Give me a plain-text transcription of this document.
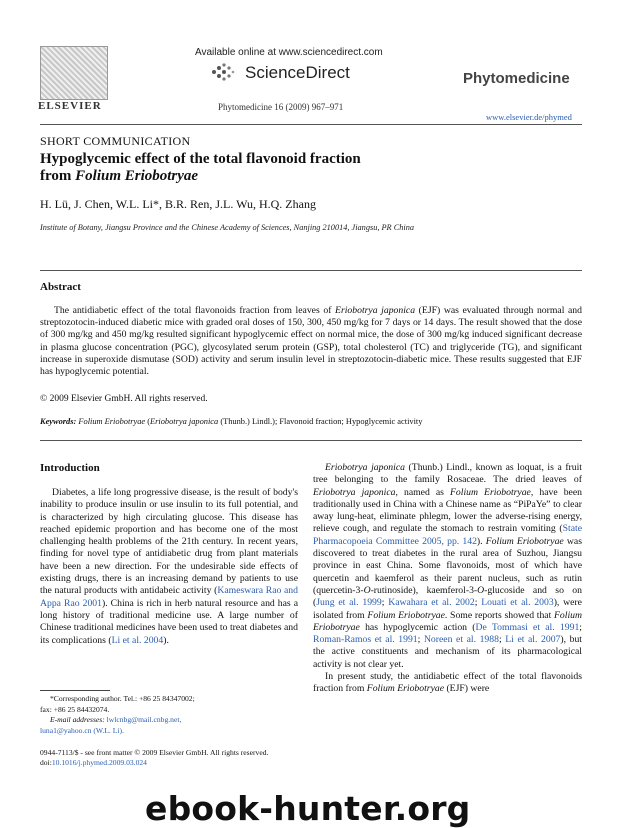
ELSEVIER
Available online at www.sciencedirect.com
ScienceDirect
Phytomedicine 16 (2009) 967–971
Phytomedicine
www.elsevier.de/phymed
SHORT COMMUNICATION
Hypoglycemic effect of the total flavonoid fraction
from Folium Eriobotryae
H. Lü, J. Chen, W.L. Li*, B.R. Ren, J.L. Wu, H.Q. Zhang
Institute of Botany, Jiangsu Province and the Chinese Academy of Sciences, Nanjing 210014, Jiangsu, PR China
Abstract
The antidiabetic effect of the total flavonoids fraction from leaves of Eriobotrya japonica (EJF) was evaluated through normal and streptozotocin-induced diabetic mice with graded oral doses of 150, 300, 450 mg/kg for 7 days or 14 days. The result showed that the dose of 300 mg/kg and 450 mg/kg resulted significant hypoglycemic effect on normal mice, the dose of 300 mg/kg induced significant decrease in plasma glucose concentration (PGC), glycosylated serum protein (GSP), total cholesterol (TC) and triglyceride (TG), and significant increase in superoxide dismutase (SOD) activity and serum insulin level in streptozotocin-diabetic mice. These results suggested that EJF has hypoglycemic potential.
© 2009 Elsevier GmbH. All rights reserved.
Keywords: Folium Eriobotryae (Eriobotrya japonica (Thunb.) Lindl.); Flavonoid fraction; Hypoglycemic activity
Introduction

Diabetes, a life long progressive disease, is the result of body's inability to produce insulin or use insulin to its full potential, and is characterized by high circulating glucose. This disease has reached epidemic proportion and has become one of the most challenging health problems of the 21th century. In recent years, finding for novel type of antidiabetic drug from plant materials have been a new direction. For the undesirable side effects of existing drugs, there is an increasing demand by patients to use the natural products with antidabeic activity (Kameswara Rao and Appa Rao 2001). China is rich in herb natural resource and has a long history of traditional medicine use. A large number of Chinese traditional medicines have been used to treat diabetes and its complications (Li et al. 2004).

Eriobotrya japonica (Thunb.) Lindl., known as loquat, is a fruit tree belonging to the family Rosaceae. The dried leaves of Eriobotrya japonica, named as Folium Eriobotryae, have been traditionally used in China with a Chinese name as “PiPaYe” to clear away lung-heat, eliminate phlegm, lower the adverse-rising energy, relieve cough, and regulate the stomach to restrain vomiting (State Pharmacopoeia Committee 2005, pp. 142). Folium Eriobotryae was discovered to treat diabetes in the rural area of Suzhou, Jiangsu province in east China. Some flavonoids, most of which have quercetin and kaemferol as their parent nucleus, such as rutin (quercetin-3-O-rutinoside), kaemferol-3-O-glucoside and so on (Jung et al. 1999; Kawahara et al. 2002; Louati et al. 2003), were isolated from Folium Eriobotryae. Some reports showed that Folium Eriobotryae has hypoglycemic action (De Tommasi et al. 1991; Roman-Ramos et al. 1991; Noreen et al. 1988; Li et al. 2007), but the active constituents and mechanism of its pharmacological activity is not clear yet.

In present study, the antidiabetic effect of the total flavonoids fraction from Folium Eriobotryae (EJF) were

*Corresponding author. Tel.: +86 25 84347002;
fax: +86 25 84432074.
E-mail addresses: lwlcnbg@mail.cnbg.net,
luna1@yahoo.cn (W.L. Li).
0944-7113/$ - see front matter © 2009 Elsevier GmbH. All rights reserved.
doi:10.1016/j.phymed.2009.03.024
ebook-hunter.org
